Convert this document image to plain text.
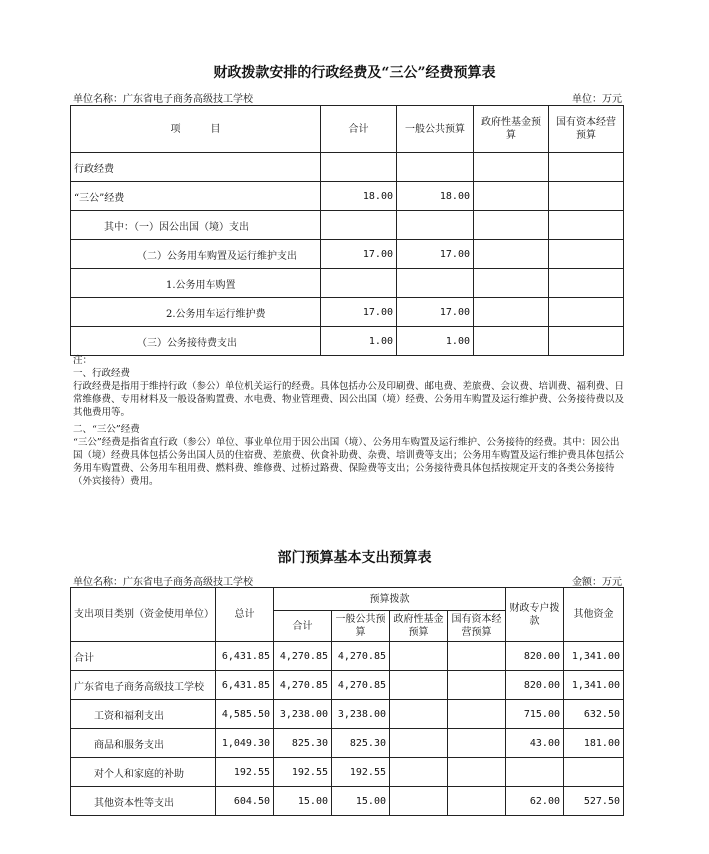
财政拨款安排的行政经费及“三公”经费预算表
单位名称：广东省电子商务高级技工学校	单位：万元
项　　　目	合计	一般公共预算	政府性基金预算	国有资本经营预算
行政经费				
“三公”经费	18.00	18.00		
其中：（一）因公出国（境）支出				
（二）公务用车购置及运行维护支出	17.00	17.00		
1.公务用车购置				
2.公务用车运行维护费	17.00	17.00		
（三）公务接待费支出	1.00	1.00		

注：

一、行政经费

行政经费是指用于维持行政（参公）单位机关运行的经费。具体包括办公及印刷费、邮电费、差旅费、会议费、培训费、福利费、日常维修费、专用材料及一般设备购置费、水电费、物业管理费、因公出国（境）经费、公务用车购置及运行维护费、公务接待费以及其他费用等。

二、“三公”经费

“三公”经费是指省直行政（参公）单位、事业单位用于因公出国（境）、公务用车购置及运行维护、公务接待的经费。其中：因公出国（境）经费具体包括公务出国人员的住宿费、差旅费、伙食补助费、杂费、培训费等支出；公务用车购置及运行维护费具体包括公务用车购置费、公务用车租用费、燃料费、维修费、过桥过路费、保险费等支出；公务接待费具体包括按规定开支的各类公务接待（外宾接待）费用。

部门预算基本支出预算表
单位名称：广东省电子商务高级技工学校	金额：万元
支出项目类别（资金使用单位）	总计	预算拨款				财政专户拨款	其他资金
		合计	一般公共预算	政府性基金预算	国有资本经营预算		
合计	6,431.85	4,270.85	4,270.85			820.00	1,341.00
广东省电子商务高级技工学校	6,431.85	4,270.85	4,270.85			820.00	1,341.00
工资和福利支出	4,585.50	3,238.00	3,238.00			715.00	632.50
商品和服务支出	1,049.30	825.30	825.30			43.00	181.00
对个人和家庭的补助	192.55	192.55	192.55				
其他资本性等支出	604.50	15.00	15.00			62.00	527.50
